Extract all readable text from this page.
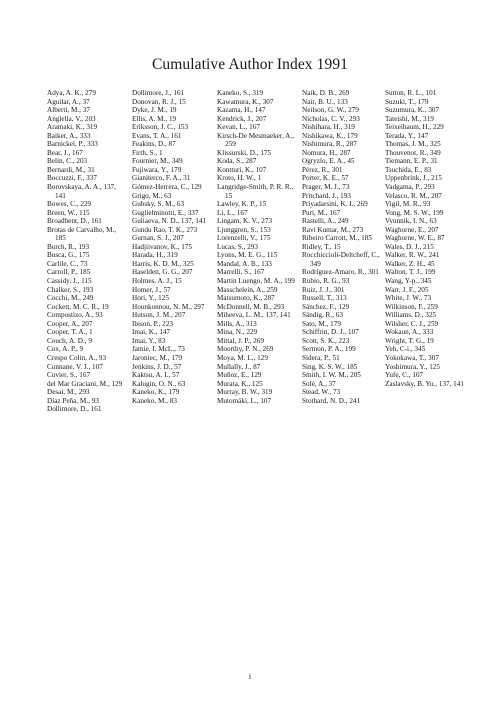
Cumulative Author Index 1991
Adya, A. K., 279
Aguilar, A., 37
Alberti, M., 37
Anglella, V., 203
Aramaki, K., 319
Baiker, A., 333
Barnickel, P., 333
Bear, J., 167
Belin, C., 203
Bernardi, M., 31
Boccuzzi, F., 337
Borovskaya, A. A., 137, 141
Bowes, C., 229
Breen, W., 115
Broadbent, D., 161
Brotas de Carvalho, M., 185
Burch, R., 193
Busca, G., 175
Carlile, C., 73
Carroll, P., 185
Cassidy, J., 115
Chalker, S., 193
Cocchi, M., 249
Cockett, M. C. R., 19
Compostizo, A., 93
Cooper, A., 207
Cooper, T. A., 1
Couch, A. D., 9
Cox, A. P., 9
Crespo Colin, A., 93
Cunnane, V. J., 107
Cuvier, S., 167
del Mar Graciani, M., 129
Desai, M., 293
Díaz Peña, M., 93
Dollimore, D., 161
Dollimore, J., 161
Donovan, R. J., 15
Dyke, J. M., 19
Ellis, A. M., 19
Eriksson, J. C., 153
Evans, T. A., 161
Feakins, D., 87
Firth, S., 1
Fournier, M., 349
Fujiwara, Y., 179
Gianiterco, F. A., 31
Gómez-Herrera, C., 129
Grigo, M., 63
Gubsky, S. M., 63
Guglielminotti, E., 337
Guliaeva, N. D., 137, 141
Gundu Rao, T. K., 273
Gurnan, S. J., 207
Hadjiivanov, K., 175
Harada, H., 319
Harris, K. D. M., 325
Haselden, G. G., 207
Holmes, A. J., 15
Homer, J., 57
Hori, Y., 125
Hounkonnou, N. M., 297
Hutson, J. M., 207
Ibison, P., 223
Imai, K., 147
Imai, Y., 83
Jamie, I. McL., 73
Jaroniec, M., 179
Jenkins, J. D., 57
Kaktsu, A. I., 57
Kalugin, O. N., 63
Kaneko, K., 179
Kaneko, M., 83
Kaneko, S., 319
Kawamura, K., 307
Kazama, H., 147
Kendrick, J., 207
Kevan, L., 167
Kirsch-De Mesmaeker, A., 259
Klissurski, D., 175
Koda, S., 287
Kontturi, K., 107
Kroto, H. W., 1
Langridge-Smith, P. R. R., 15
Lawley, K. P., 15
Li, L., 167
Lingam, K. V., 273
Ljunggren, S., 153
Lorenzelli, V., 175
Lucas, S., 293
Lyons, M. E. G., 115
Mandal, A. B., 133
Marrelli, S., 167
Martin Luengo, M. A., 199
Masschelein, A., 259
Matsumoto, K., 287
McDonnell, M. B., 293
Miheeva, L. M., 137, 141
Mills, A., 313
Mina, N., 229
Mittal, J. P., 269
Moorthy, P. N., 269
Moya, M. L., 129
Mullally, J., 87
Muñoz, E., 129
Murata, K., 125
Murray, B. W., 319
Mutomäki, L., 107
Naik, D. B., 269
Nair, B. U., 133
Neilson, G. W., 279
Nicholas, C. V., 293
Nishihara, H., 319
Nishikawa, K., 179
Nishimura, R., 287
Nomura, H., 287
Ogryzlo, E. A., 45
Pérez, R., 301
Porter, K. E., 57
Prager, M. J., 73
Pritchard, J., 193
Priyadarsini, K. I., 269
Puri, M., 167
Rastelli, A., 249
Ravi Kumar, M., 273
Ribeiro Carrott, M., 185
Ridley, T., 15
Rocchiccioli-Deltcheff, C., 349
Rodríguez-Amaro, R., 301
Rubio, R. G., 93
Ruiz, J. J., 301
Russell, T., 313
Sánchez, F., 129
Sändig, R., 63
Sato, M., 179
Schiffrin, D. J., 107
Scott, S. K., 223
Sermon, P. A., 199
Sidera, P., 51
Sing, K. S. W., 185
Smith, I. W. M., 205
Solé, A., 37
Stead, W., 73
Stothard, N. D., 241
Sutton, R. L., 101
Suzuki, T., 179
Suzumura, K., 307
Tateishi, M., 319
Teixeibaum, H., 229
Terada, Y., 147
Thomas, J. M., 325
Thouvenot, R., 349
Tiemann, E. P., 31
Tsuchida, E., 83
Uppenbrink, J., 215
Vadgama, P., 293
Velasco, R. M., 207
Vigil, M. R., 93
Vong, M. S. W., 199
Vyunnik, I. N., 63
Waghorne, E., 207
Waghorne, W. E., 87
Wales, D. J., 215
Walker, R. W., 241
Walker, Z. H., 45
Walton, T. J., 199
Wang, Y-p., 345
Warr, J. F., 205
White, J. W., 73
Wilkinson, F., 259
Williams, D., 325
Wilsher, C. J., 259
Wokaun, A., 333
Wright, T. G., 19
Yeh, C-i., 345
Yokokawa, T., 307
Yoshimura, Y., 125
Yufe, C., 107
Zaslavsky, B. Yu., 137, 141
i
